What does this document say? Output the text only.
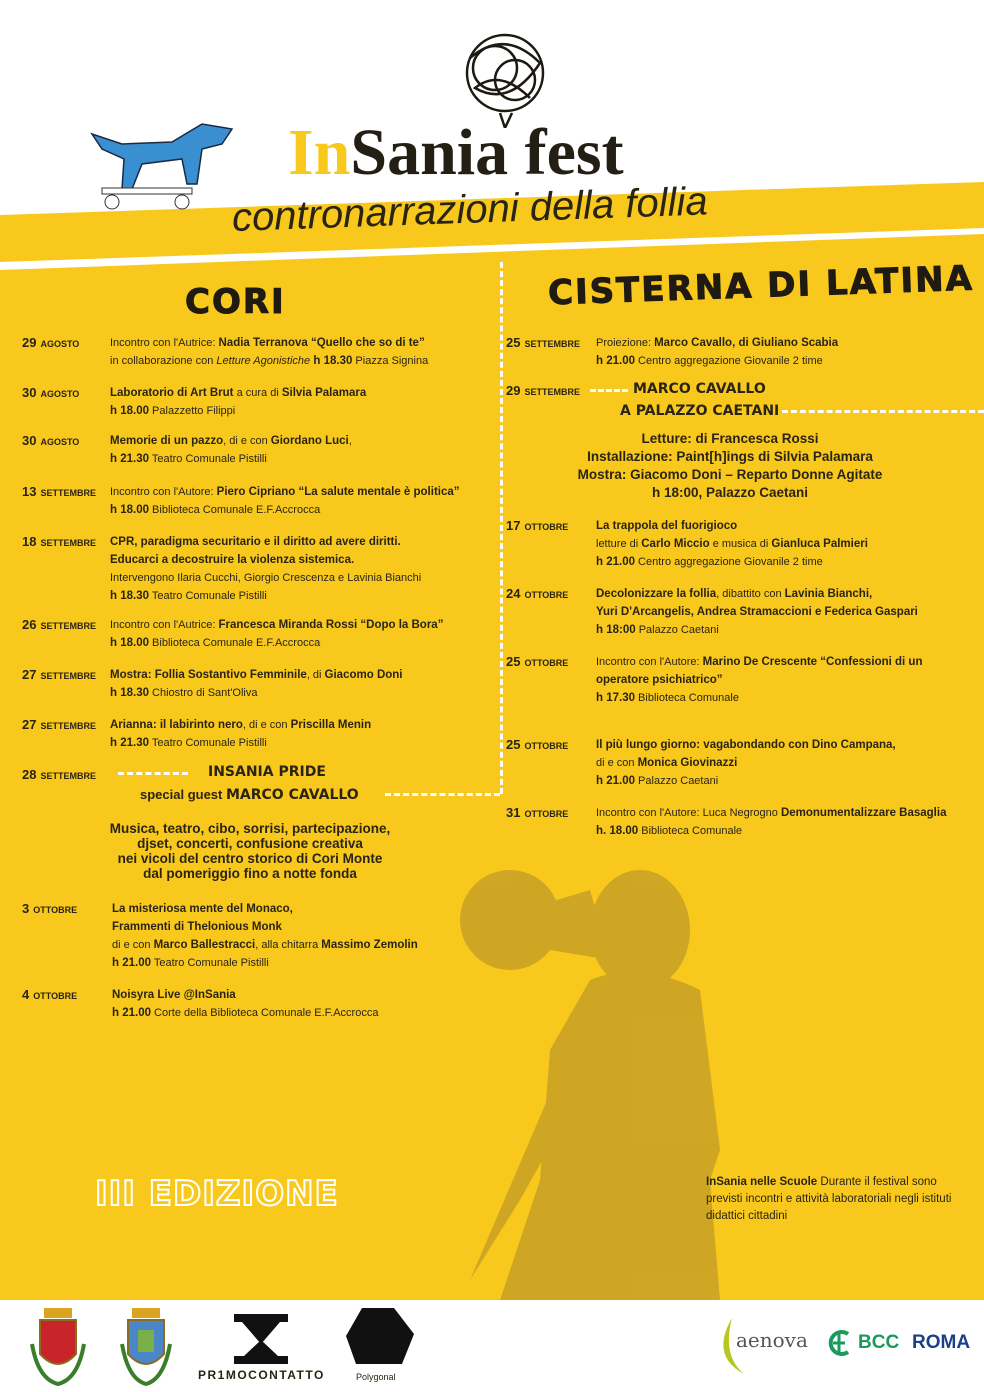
InSania fest
contronarrazioni della follia
CORI	CISTERNA DI LATINA
29 AGOSTO	Incontro con l'Autrice: Nadia Terranova “Quello che so di te”
in collaborazione con Letture Agonistiche h 18.30 Piazza Signina
30 AGOSTO	Laboratorio di Art Brut a cura di Silvia Palamara
h 18.00 Palazzetto Filippi
30 AGOSTO	Memorie di un pazzo, di e con Giordano Luci,
h 21.30 Teatro Comunale Pistilli
13 SETTEMBRE Incontro con l'Autore: Piero Cipriano “La salute mentale è politica”
h 18.00 Biblioteca Comunale E.F.Accrocca
18 SETTEMBRE CPR, paradigma securitario e il diritto ad avere diritti.
Educarci a decostruire la violenza sistemica.
Intervengono Ilaria Cucchi, Giorgio Crescenza e Lavinia Bianchi
h 18.30 Teatro Comunale Pistilli
26 SETTEMBRE Incontro con l'Autrice: Francesca Miranda Rossi “Dopo la Bora”
h 18.00 Biblioteca Comunale E.F.Accrocca
27 SETTEMBRE Mostra: Follia Sostantivo Femminile, di Giacomo Doni
h 18.30 Chiostro di Sant'Oliva
27 SETTEMBRE Arianna: il labirinto nero, di e con Priscilla Menin
h 21.30 Teatro Comunale Pistilli
3 OTTOBRE	La misteriosa mente del Monaco,
Frammenti di Thelonious Monk
di e con Marco Ballestracci, alla chitarra Massimo Zemolin
h 21.00 Teatro Comunale Pistilli
4 OTTOBRE	Noisyra Live @InSania
h 21.00 Corte della Biblioteca Comunale E.F.Accrocca
25 SETTEMBRE Proiezione: Marco Cavallo, di Giuliano Scabia
h 21.00 Centro aggregazione Giovanile 2 time
17 OTTOBRE La trappola del fuorigioco
letture di Carlo Miccio e musica di Gianluca Palmieri
h 21.00 Centro aggregazione Giovanile 2 time
24 OTTOBRE Decolonizzare la follia, dibattito con Lavinia Bianchi,
Yuri D'Arcangelis, Andrea Stramaccioni e Federica Gaspari
h 18:00 Palazzo Caetani
25 OTTOBRE	Incontro con l'Autore: Marino De Crescente “Confessioni di un
operatore psichiatrico”
h 17.30 Biblioteca Comunale
25 OTTOBRE Il più lungo giorno: vagabondando con Dino Campana,
di e con Monica Giovinazzi
h 21.00 Palazzo Caetani
31 OTTOBRE	Incontro con l'Autore: Luca Negrogno Demonumentalizzare Basaglia
h. 18.00 Biblioteca Comunale
28 SETTEMBRE	INSANIA PRIDE
special guest MARCO CAVALLO
Musica, teatro, cibo, sorrisi, partecipazione,
djset, concerti, confusione creativa
nei vicoli del centro storico di Cori Monte
dal pomeriggio fino a notte fonda
29 SETTEMBRE	MARCO CAVALLO
A PALAZZO CAETANI
Letture: di Francesca Rossi
Installazione: Paint[h]ings di Silvia Palamara
Mostra: Giacomo Doni – Reparto Donne Agitate
h 18:00, Palazzo Caetani
III EDIZIONE	InSania nelle Scuole Durante il festival sono previsti incontri e attività laboratoriali negli istituti didattici cittadini
PR1MOCONTATTO	Polygonal
aenova	BCC ROMA
